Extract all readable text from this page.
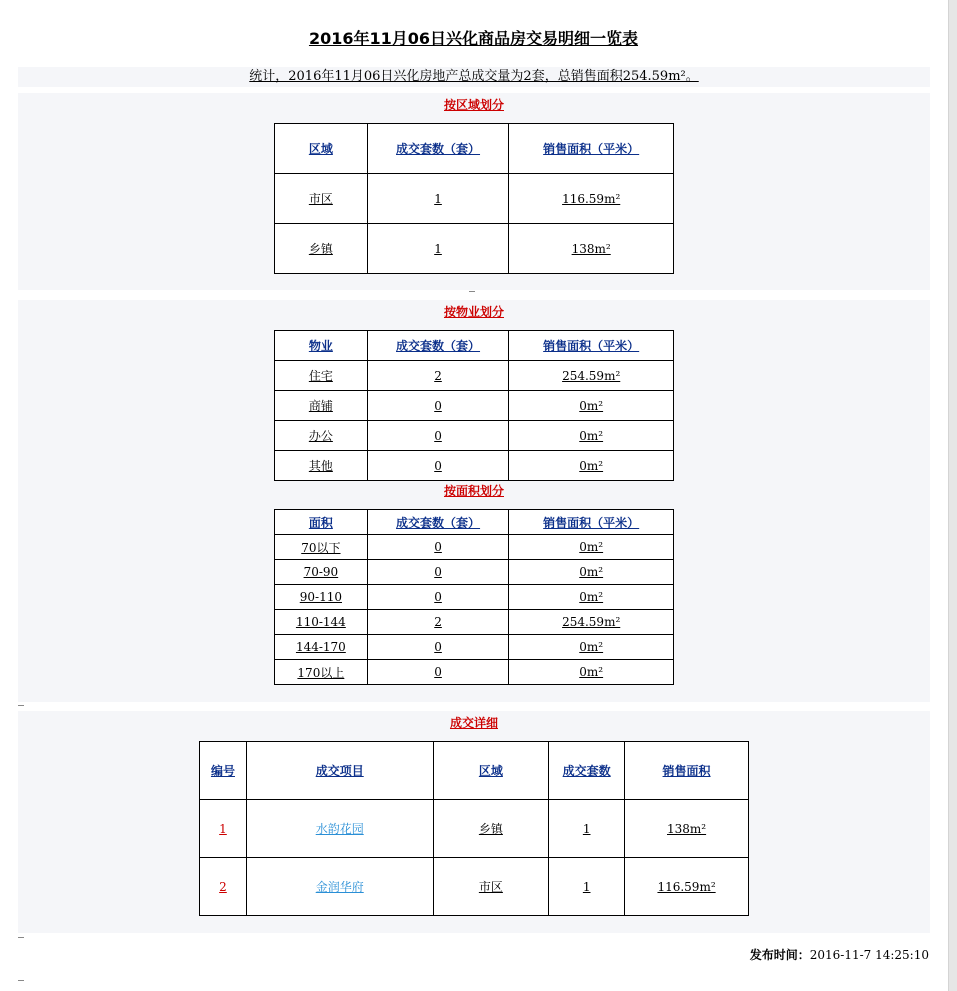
2016年11月06日兴化商品房交易明细一览表
统计，2016年11月06日兴化房地产总成交量为2套，总销售面积254.59m²。
按区域划分
区域	成交套数（套）	销售面积（平米）
市区	1	116.59m²
乡镇	1	138m²
_
按物业划分
物业	成交套数（套）	销售面积（平米）
住宅	2	254.59m²
商铺	0	0m²
办公	0	0m²
其他	0	0m²
按面积划分
面积	成交套数（套）	销售面积（平米）
70以下	0	0m²
70-90	0	0m²
90-110	0	0m²
110-144	2	254.59m²
144-170	0	0m²
170以上	0	0m²
_
成交详细
编号	成交项目	区域	成交套数	销售面积
1	水韵花园	乡镇	1	138m²
2	金润华府	市区	1	116.59m²
_
发布时间：2016-11-7 14:25:10
_
